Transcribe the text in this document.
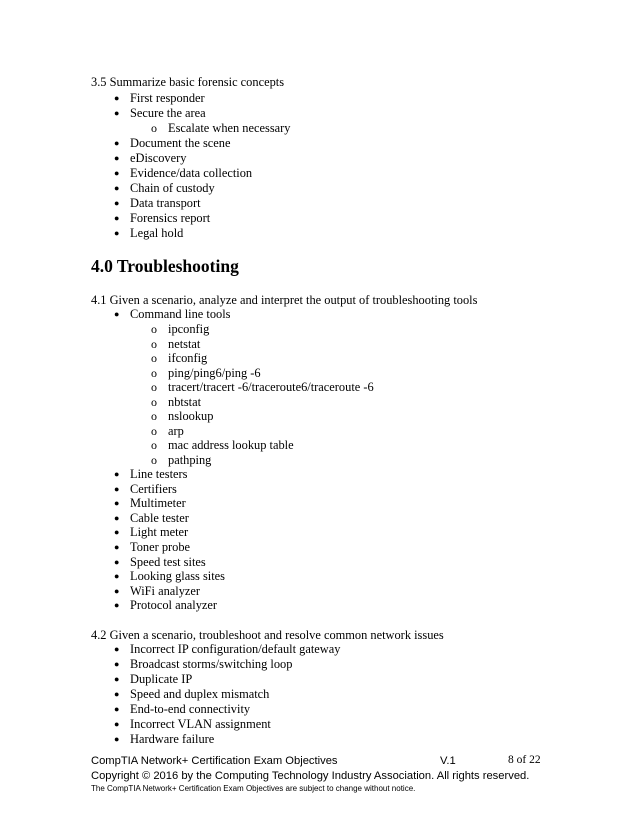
3.5 Summarize basic forensic concepts
● First responder
● Secure the area
o Escalate when necessary
● Document the scene
● eDiscovery
● Evidence/data collection
● Chain of custody
● Data transport
● Forensics report
● Legal hold
4.0 Troubleshooting
4.1 Given a scenario, analyze and interpret the output of troubleshooting tools
● Command line tools
o ipconfig
o netstat
o ifconfig
o ping/ping6/ping -6
o tracert/tracert -6/traceroute6/traceroute -6
o nbtstat
o nslookup
o arp
o mac address lookup table
o pathping
● Line testers
● Certifiers
● Multimeter
● Cable tester
● Light meter
● Toner probe
● Speed test sites
● Looking glass sites
● WiFi analyzer
● Protocol analyzer
4.2 Given a scenario, troubleshoot and resolve common network issues
● Incorrect IP configuration/default gateway
● Broadcast storms/switching loop
● Duplicate IP
● Speed and duplex mismatch
● End-to-end connectivity
● Incorrect VLAN assignment
● Hardware failure
CompTIA Network+ Certification Exam Objectives	V.1	8 of 22
Copyright © 2016 by the Computing Technology Industry Association. All rights reserved.
The CompTIA Network+ Certification Exam Objectives are subject to change without notice.
